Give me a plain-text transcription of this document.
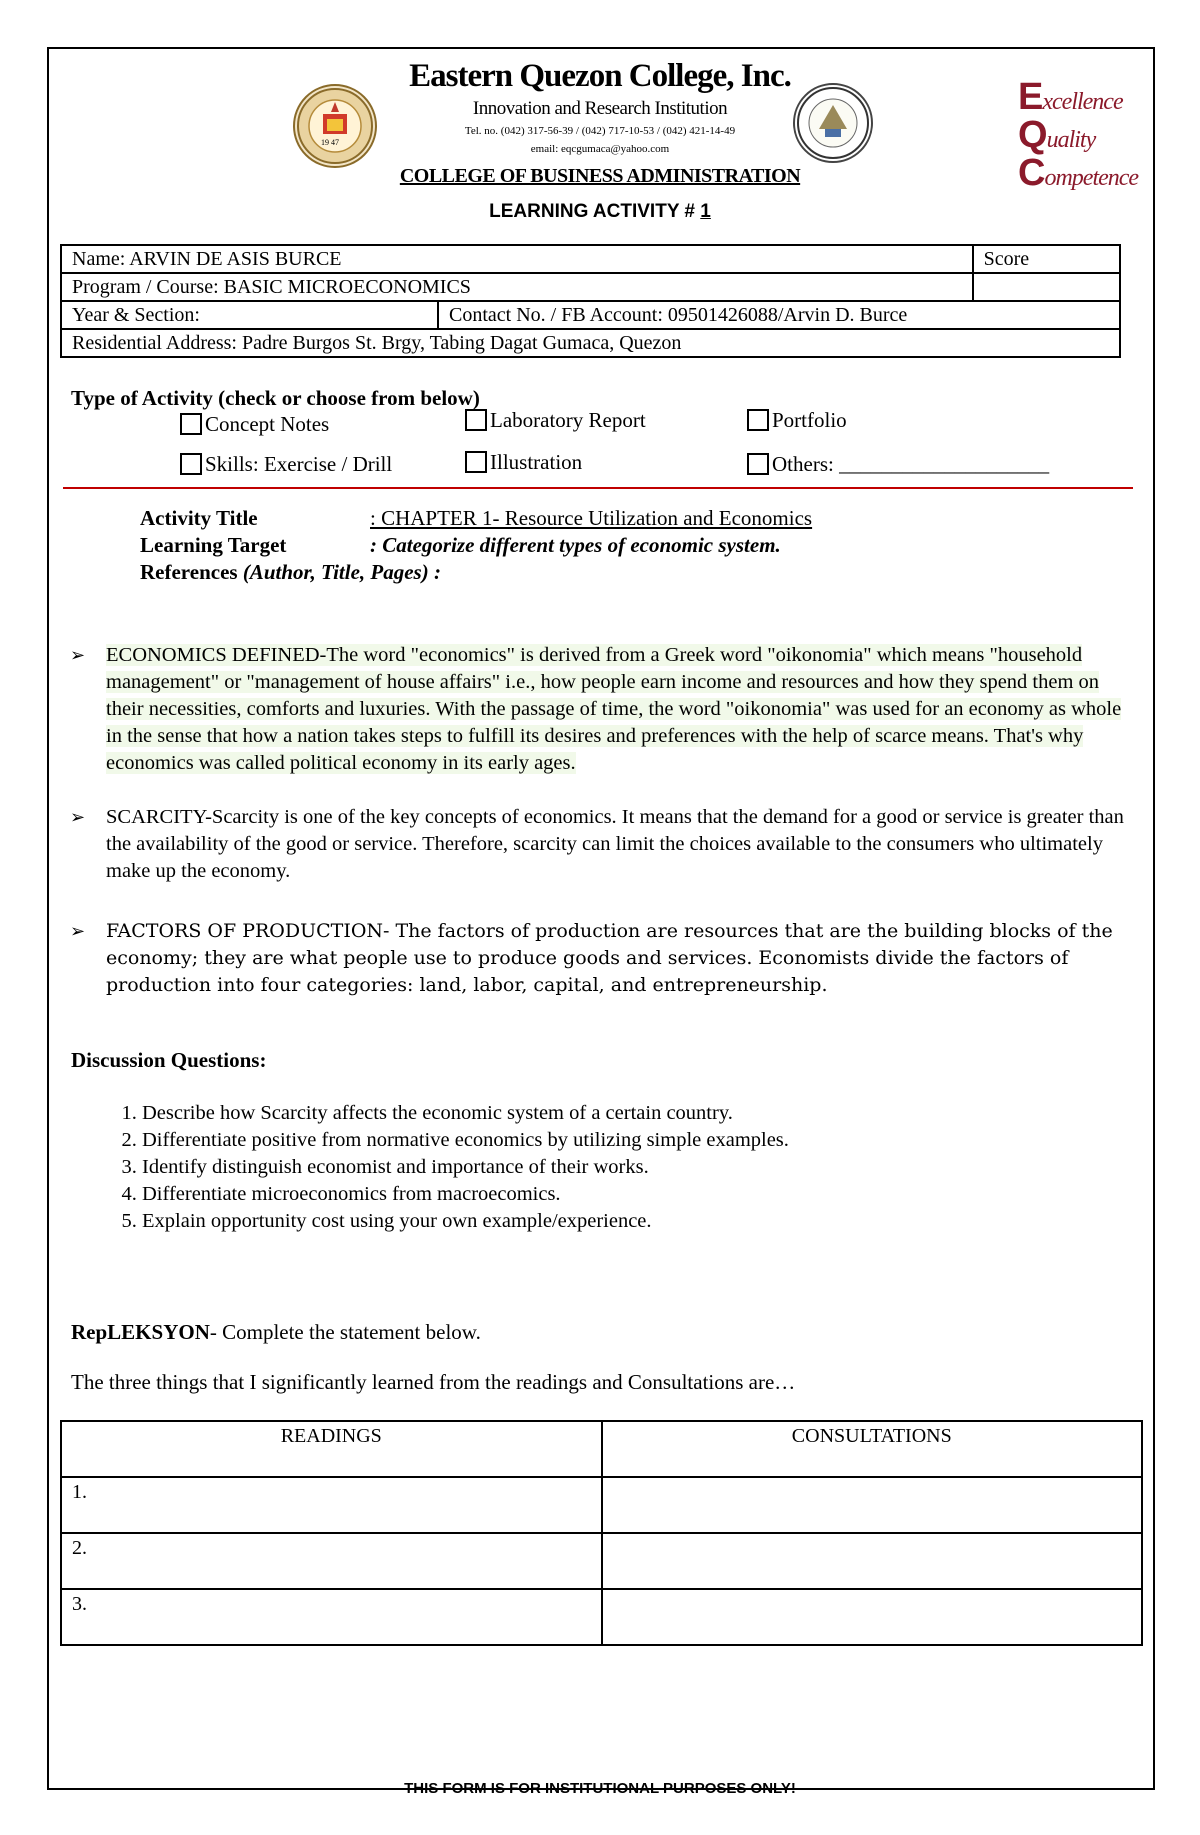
19 47
Eastern Quezon College, Inc.
Innovation and Research Institution
Tel. no. (042) 317-56-39 / (042) 717-10-53 / (042) 421-14-49
email: eqcgumaca@yahoo.com
COLLEGE OF BUSINESS ADMINISTRATION
LEARNING ACTIVITY # 1
Excellence
Quality
Competence
Name: ARVIN DE ASIS BURCE		Score
Program / Course: BASIC MICROECONOMICS		
Year & Section:	Contact No. / FB Account: 09501426088/Arvin D. Burce	
Residential Address: Padre Burgos St. Brgy, Tabing Dagat Gumaca, Quezon		
Type of Activity (check or choose from below)
Concept Notes	Laboratory Report	Portfolio
Skills: Exercise / Drill	Illustration	Others: ____________________
Activity Title	: CHAPTER 1- Resource Utilization and Economics
Learning Target	: Categorize different types of economic system.
References (Author, Title, Pages) :
➢ ECONOMICS DEFINED-The word "economics" is derived from a Greek word "oikonomia" which means "household management" or "management of house affairs" i.e., how people earn income and resources and how they spend them on their necessities, comforts and luxuries. With the passage of time, the word "oikonomia" was used for an economy as whole in the sense that how a nation takes steps to fulfill its desires and preferences with the help of scarce means. That's why economics was called political economy in its early ages.
➢ SCARCITY-Scarcity is one of the key concepts of economics. It means that the demand for a good or service is greater than the availability of the good or service. Therefore, scarcity can limit the choices available to the consumers who ultimately make up the economy.
➢ FACTORS OF PRODUCTION- The factors of production are resources that are the building blocks of the economy; they are what people use to produce goods and services. Economists divide the factors of production into four categories: land, labor, capital, and entrepreneurship.
Discussion Questions:
1. Describe how Scarcity affects the economic system of a certain country.
2. Differentiate positive from normative economics by utilizing simple examples.
3. Identify distinguish economist and importance of their works.
4. Differentiate microeconomics from macroecomics.
5. Explain opportunity cost using your own example/experience.
RepLEKSYON- Complete the statement below.
The three things that I significantly learned from the readings and Consultations are…
READINGS	CONSULTATIONS
1.	
2.	
3.	
THIS FORM IS FOR INSTITUTIONAL PURPOSES ONLY!
